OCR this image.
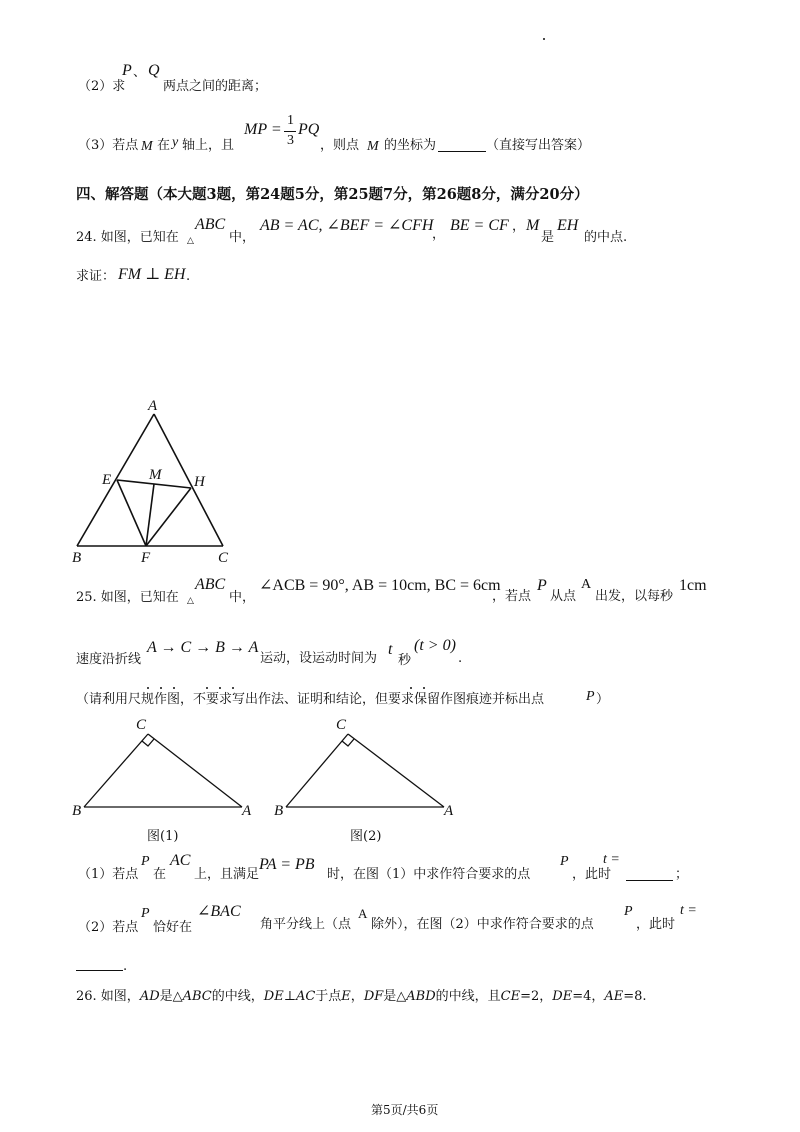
（2）求
P 、 Q
两点之间的距离；
（3）若点 M 在 y 轴上，且
MP =
1
3
PQ
，则点 M 的坐标为	（直接写出答案）
四、解答题（本大题3题，第24题5分，第25题7分，第26题8分，满分20分）
24. 如图，已知在 △
ABC
中，
AB = AC, ∠BEF = ∠CFH
，
BE = CF ， M
是
EH
的中点.
求证： FM ⊥ EH .
A
E	M H
B	F	C
25. 如图，已知在 △
ABC
中，
∠ACB = 90°, AB = 10cm, BC = 6cm
，若点
P
从点
A
出发，以每秒
1cm
速度沿折线
A → C → B → A
运动，设运动时间为
t
秒
(t > 0)
.
（请利用尺规作图，不要求写出作法、证明和结论，但要求保留作图痕迹并标出点	P ）
C
B	A
图(1)
C
B	A
图(2)
（1）若点
P
在
AC
上，且满足
PA = PB
时，在图（1）中求作符合要求的点
P
，此时
t =
；
（2）若点
P
恰好在
∠BAC
角平分线上（点
A
除外），在图（2）中求作符合要求的点
P
，此时
t =
.
26. 如图，AD是△ABC的中线，DE⊥AC于点E，DF是△ABD的中线，且CE=2，DE=4，AE=8.
第5页/共6页
